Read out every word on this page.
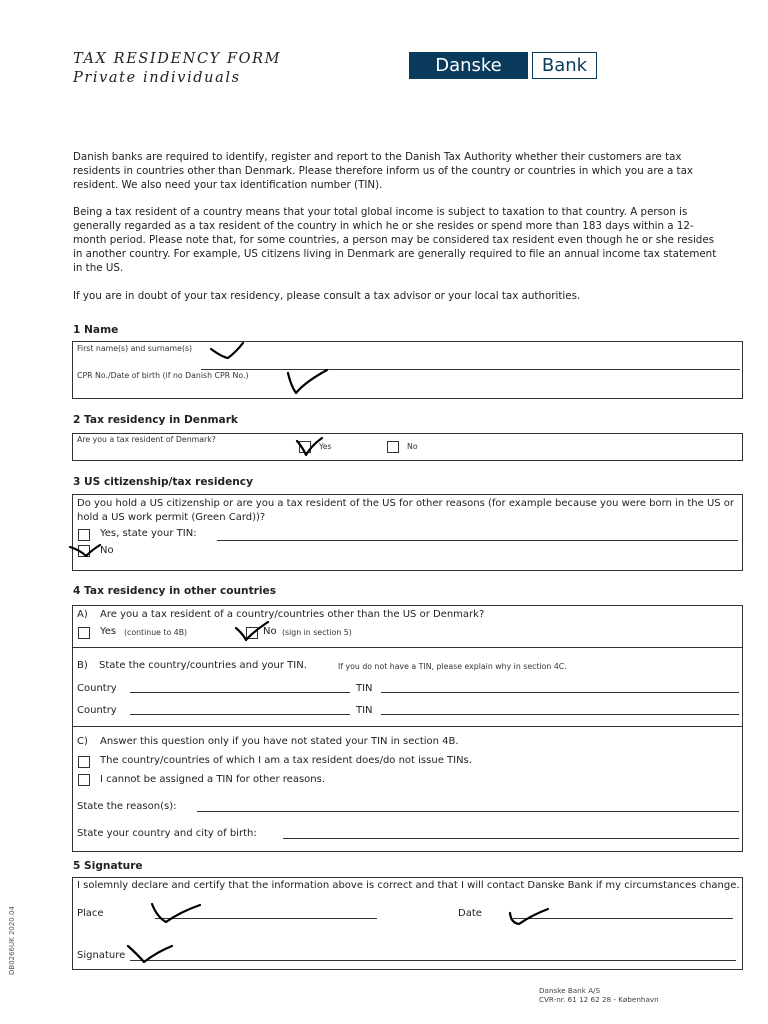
TAX RESIDENCY FORM
Private individuals
Danske	Bank
Danish banks are required to identify, register and report to the Danish Tax Authority whether their customers are tax residents in countries other than Denmark. Please therefore inform us of the country or countries in which you are a tax resident. We also need your tax identification number (TIN).
Being a tax resident of a country means that your total global income is subject to taxation to that country. A person is generally regarded as a tax resident of the country in which he or she resides or spend more than 183 days within a 12-month period. Please note that, for some countries, a person may be considered tax resident even though he or she resides in another country. For example, US citizens living in Denmark are generally required to file an annual income tax statement in the US.
If you are in doubt of your tax residency, please consult a tax advisor or your local tax authorities.
1 Name
First name(s) and surname(s)
CPR No./Date of birth (if no Danish CPR No.)
2 Tax residency in Denmark
Are you a tax resident of Denmark?
Yes	No
3 US citizenship/tax residency
Do you hold a US citizenship or are you a tax resident of the US for other reasons (for example because you were born in the US or hold a US work permit (Green Card))?
Yes, state your TIN:
No
4 Tax residency in other countries
A) Are you a tax resident of a country/countries other than the US or Denmark?
Yes (continue to 4B)	No (sign in section 5)
B) State the country/countries and your TIN.	If you do not have a TIN, please explain why in section 4C.
Country	TIN
Country	TIN
C) Answer this question only if you have not stated your TIN in section 4B.
The country/countries of which I am a tax resident does/do not issue TINs.
I cannot be assigned a TIN for other reasons.
State the reason(s):
State your country and city of birth:
5 Signature
I solemnly declare and certify that the information above is correct and that I will contact Danske Bank if my circumstances change.
Place	Date
Signature
DB0266UK 2020.04
Danske Bank A/S
CVR-nr. 61 12 62 28 - København
